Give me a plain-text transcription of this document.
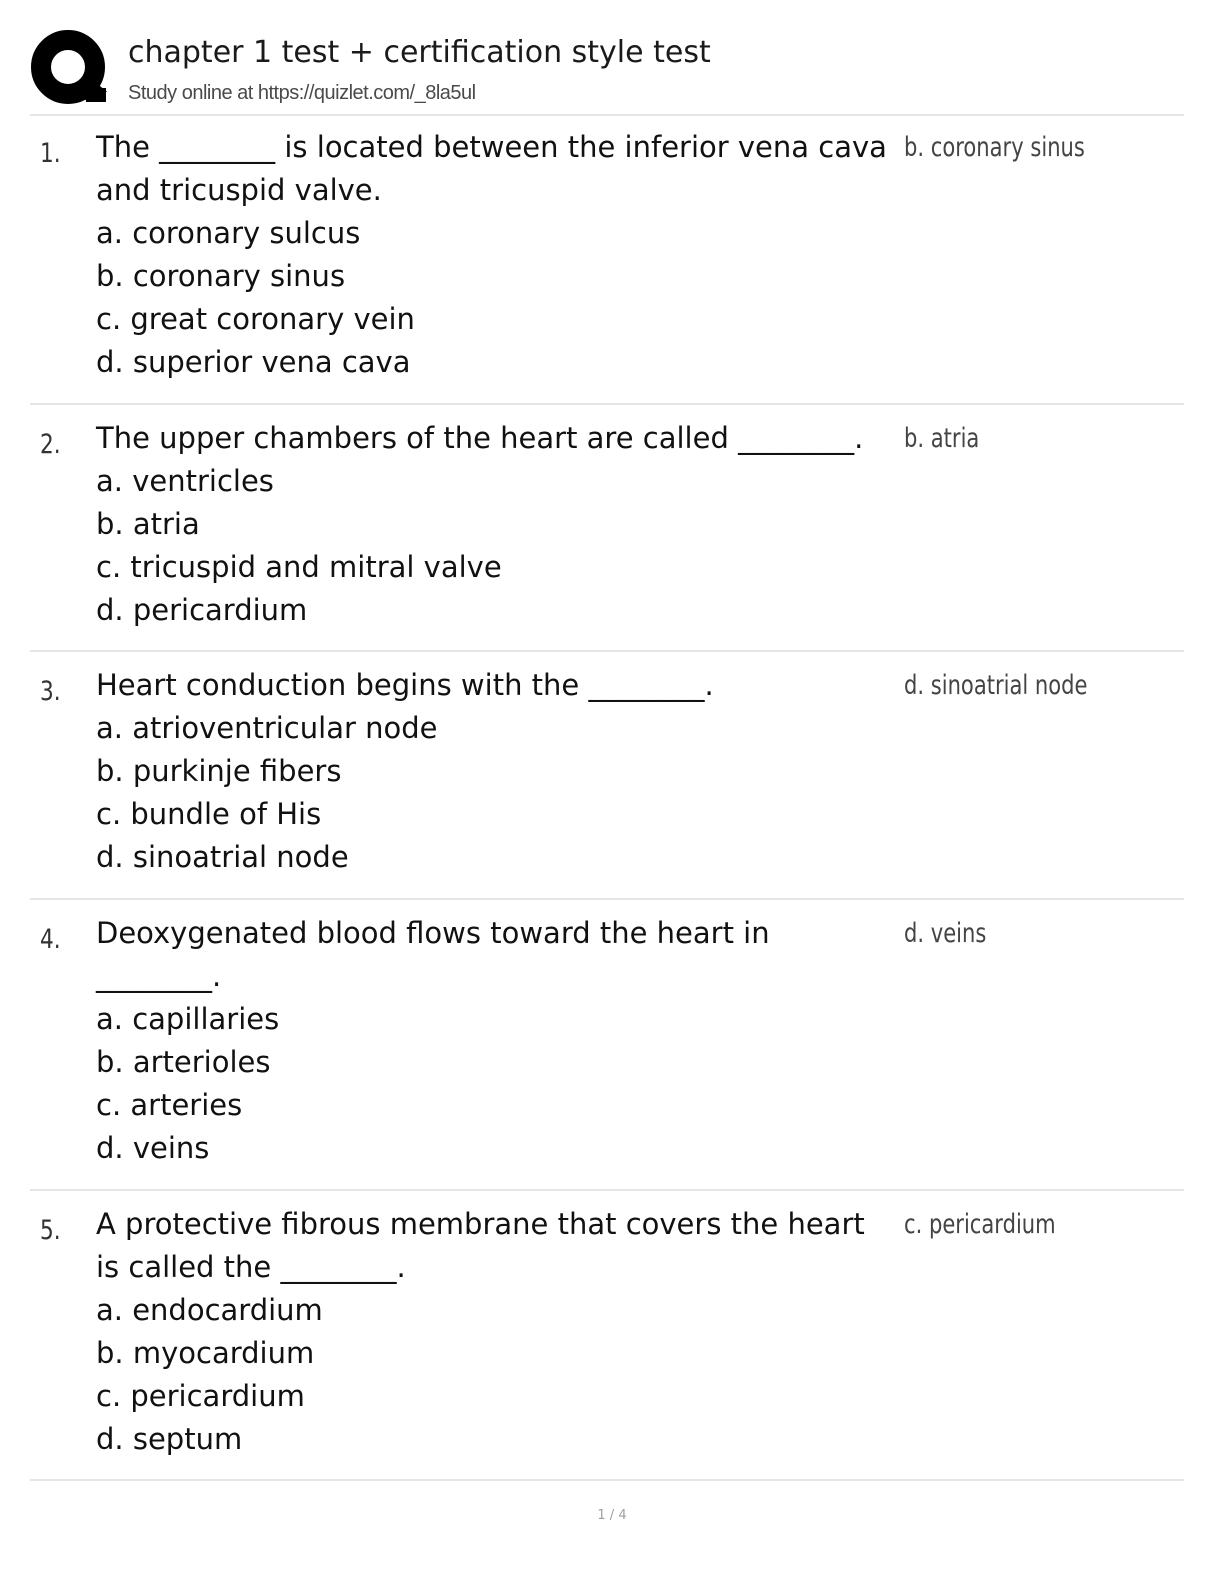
chapter 1 test + certification style test
Study online at https://quizlet.com/_8la5ul
1. The ________ is located between the inferior vena cava and tricuspid valve.
a. coronary sulcus
b. coronary sinus
c. great coronary vein
d. superior vena cava
b. coronary sinus
2. The upper chambers of the heart are called ________.
a. ventricles
b. atria
c. tricuspid and mitral valve
d. pericardium
b. atria
3. Heart conduction begins with the ________.
a. atrioventricular node
b. purkinje fibers
c. bundle of His
d. sinoatrial node
d. sinoatrial node
4. Deoxygenated blood flows toward the heart in ________.
a. capillaries
b. arterioles
c. arteries
d. veins
d. veins
5. A protective fibrous membrane that covers the heart is called the ________.
a. endocardium
b. myocardium
c. pericardium
d. septum
c. pericardium
1 / 4
